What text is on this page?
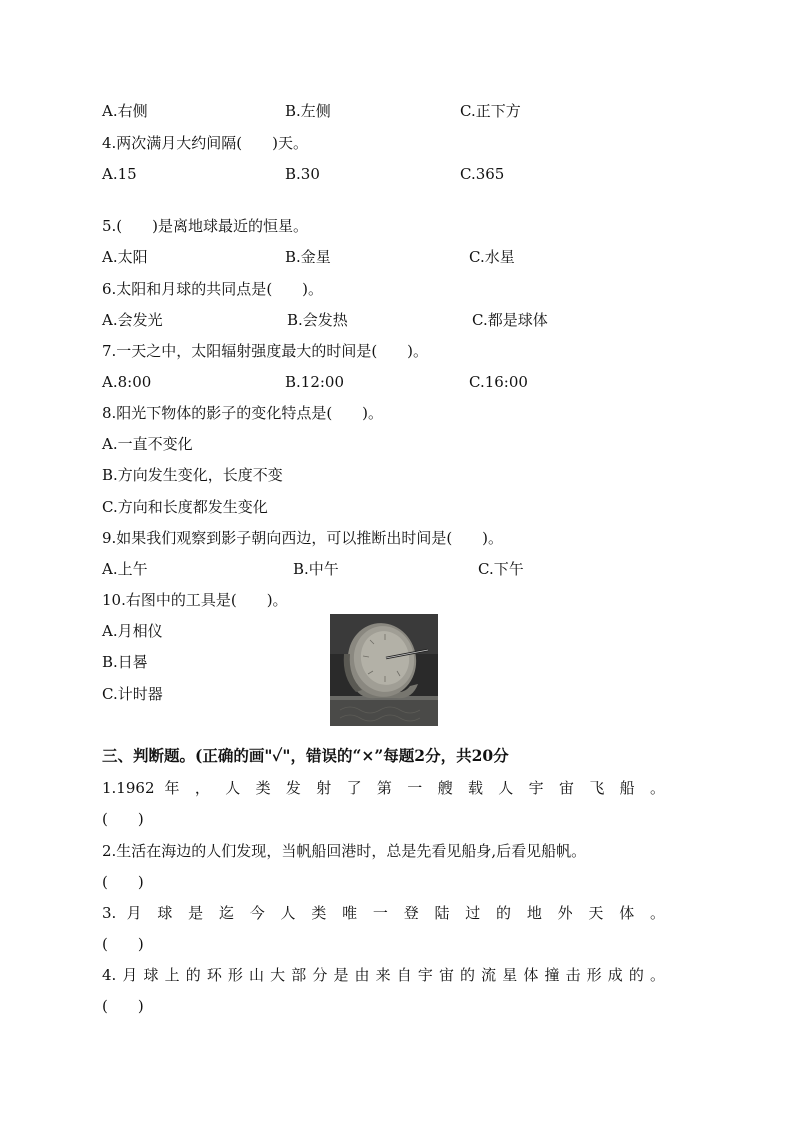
A.右侧	B.左侧	C.正下方
4.两次满月大约间隔(　　)天。
A.15	B.30	C.365
5.(　　)是离地球最近的恒星。
A.太阳	B.金星	C.水星
6.太阳和月球的共同点是(　　)。
A.会发光	B.会发热	C.都是球体
7.一天之中，太阳辐射强度最大的时间是(　　)。
A.8:00	B.12:00	C.16:00
8.阳光下物体的影子的变化特点是(　　)。
A.一直不变化
B.方向发生变化，长度不变
C.方向和长度都发生变化
9.如果我们观察到影子朝向西边，可以推断出时间是(　　)。
A.上午	B.中午	C.下午
10.右图中的工具是(　　)。
A.月相仪
B.日晷
C.计时器
三、判断题。(正确的画"✓"，错误的“×”每题2分，共20分
1.1962 年 ， 人 类 发 射 了 第 一 艘 载 人 宇 宙 飞 船 。
(　　)
2.生活在海边的人们发现，当帆船回港时，总是先看见船身,后看见船帆。
(　　)
3. 月 球 是 迄 今 人 类 唯 一 登 陆 过 的 地 外 天 体 。
(　　)
4.月球上的环形山大部分是由来自宇宙的流星体撞击形成的。
(　　)
